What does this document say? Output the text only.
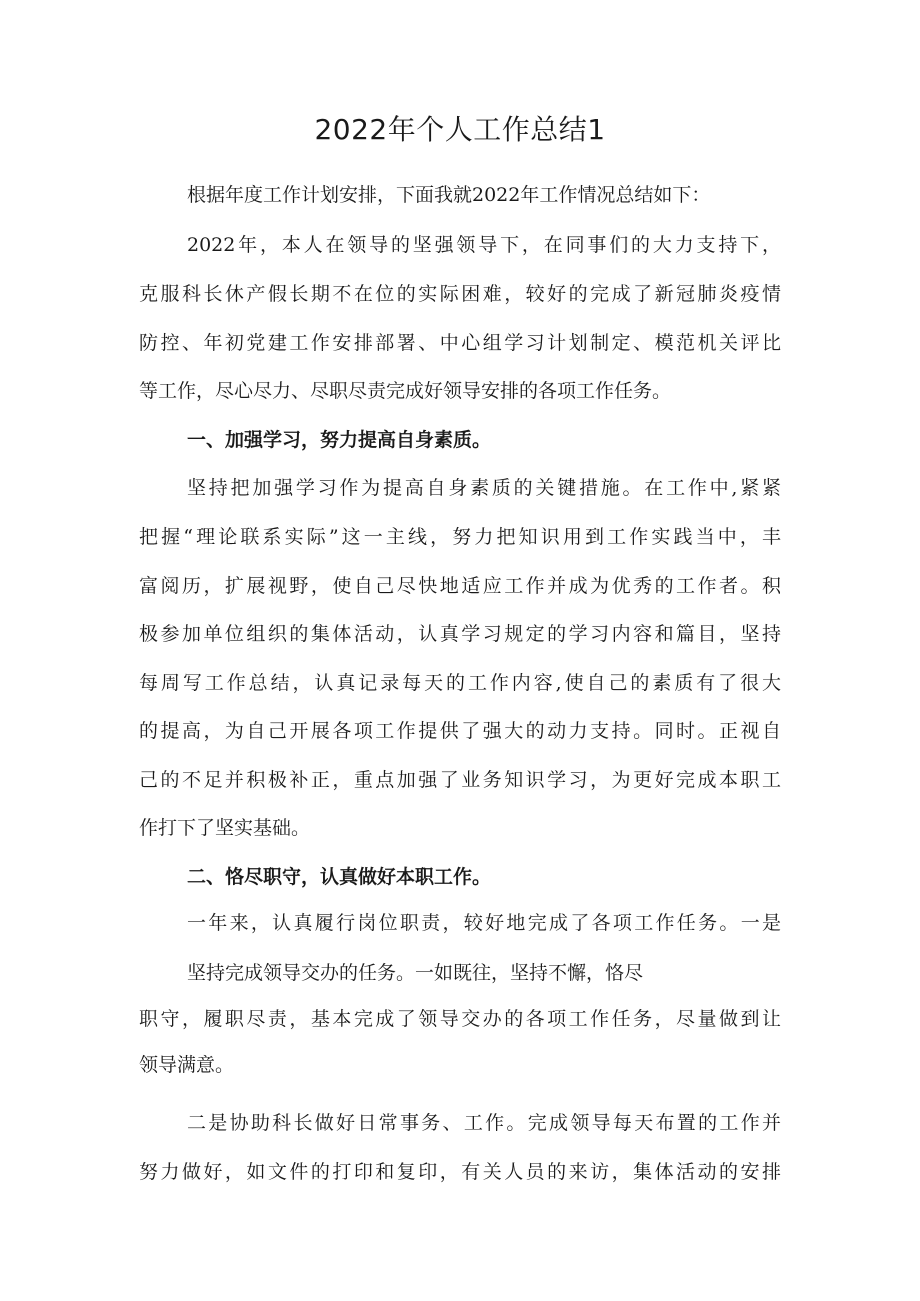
2022年个人工作总结1

根据年度工作计划安排，下面我就2022年工作情况总结如下：

2022年，本人在领导的坚强领导下，在同事们的大力支持下，

克服科长休产假长期不在位的实际困难，较好的完成了新冠肺炎疫情

防控、年初党建工作安排部署、中心组学习计划制定、模范机关评比

等工作，尽心尽力、尽职尽责完成好领导安排的各项工作任务。

一、加强学习，努力提高自身素质。

坚持把加强学习作为提高自身素质的关键措施。在工作中,紧紧

把握“理论联系实际”这一主线，努力把知识用到工作实践当中，丰

富阅历，扩展视野，使自己尽快地适应工作并成为优秀的工作者。积

极参加单位组织的集体活动，认真学习规定的学习内容和篇目，坚持

每周写工作总结，认真记录每天的工作内容,使自己的素质有了很大

的提高，为自己开展各项工作提供了强大的动力支持。同时。正视自

己的不足并积极补正，重点加强了业务知识学习，为更好完成本职工

作打下了坚实基础。

二、恪尽职守，认真做好本职工作。

一年来，认真履行岗位职责，较好地完成了各项工作任务。一是

坚持完成领导交办的任务。一如既往，坚持不懈，恪尽

职守，履职尽责，基本完成了领导交办的各项工作任务，尽量做到让

领导满意。

二是协助科长做好日常事务、工作。完成领导每天布置的工作并

努力做好，如文件的打印和复印，有关人员的来访，集体活动的安排
